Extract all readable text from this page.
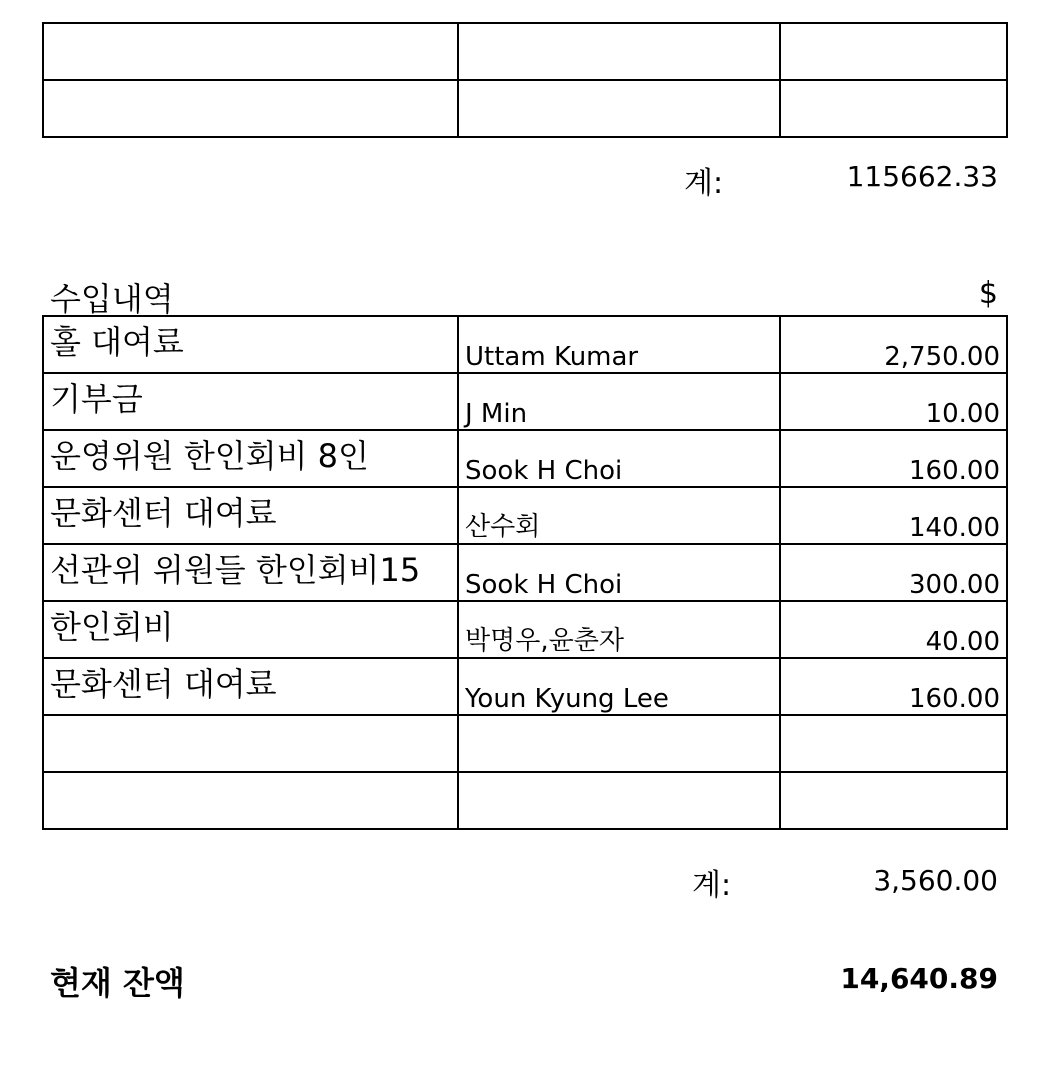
계:	115662.33
수입내역	$
홀 대여료	Uttam Kumar	2,750.00
기부금	J Min	10.00
운영위원 한인회비 8인	Sook H Choi	160.00
문화센터 대여료	산수회	140.00
선관위 위원들 한인회비15	Sook H Choi	300.00
한인회비	박명우,윤춘자	40.00
문화센터 대여료	Youn Kyung Lee	160.00

계:	3,560.00
현재 잔액	14,640.89
